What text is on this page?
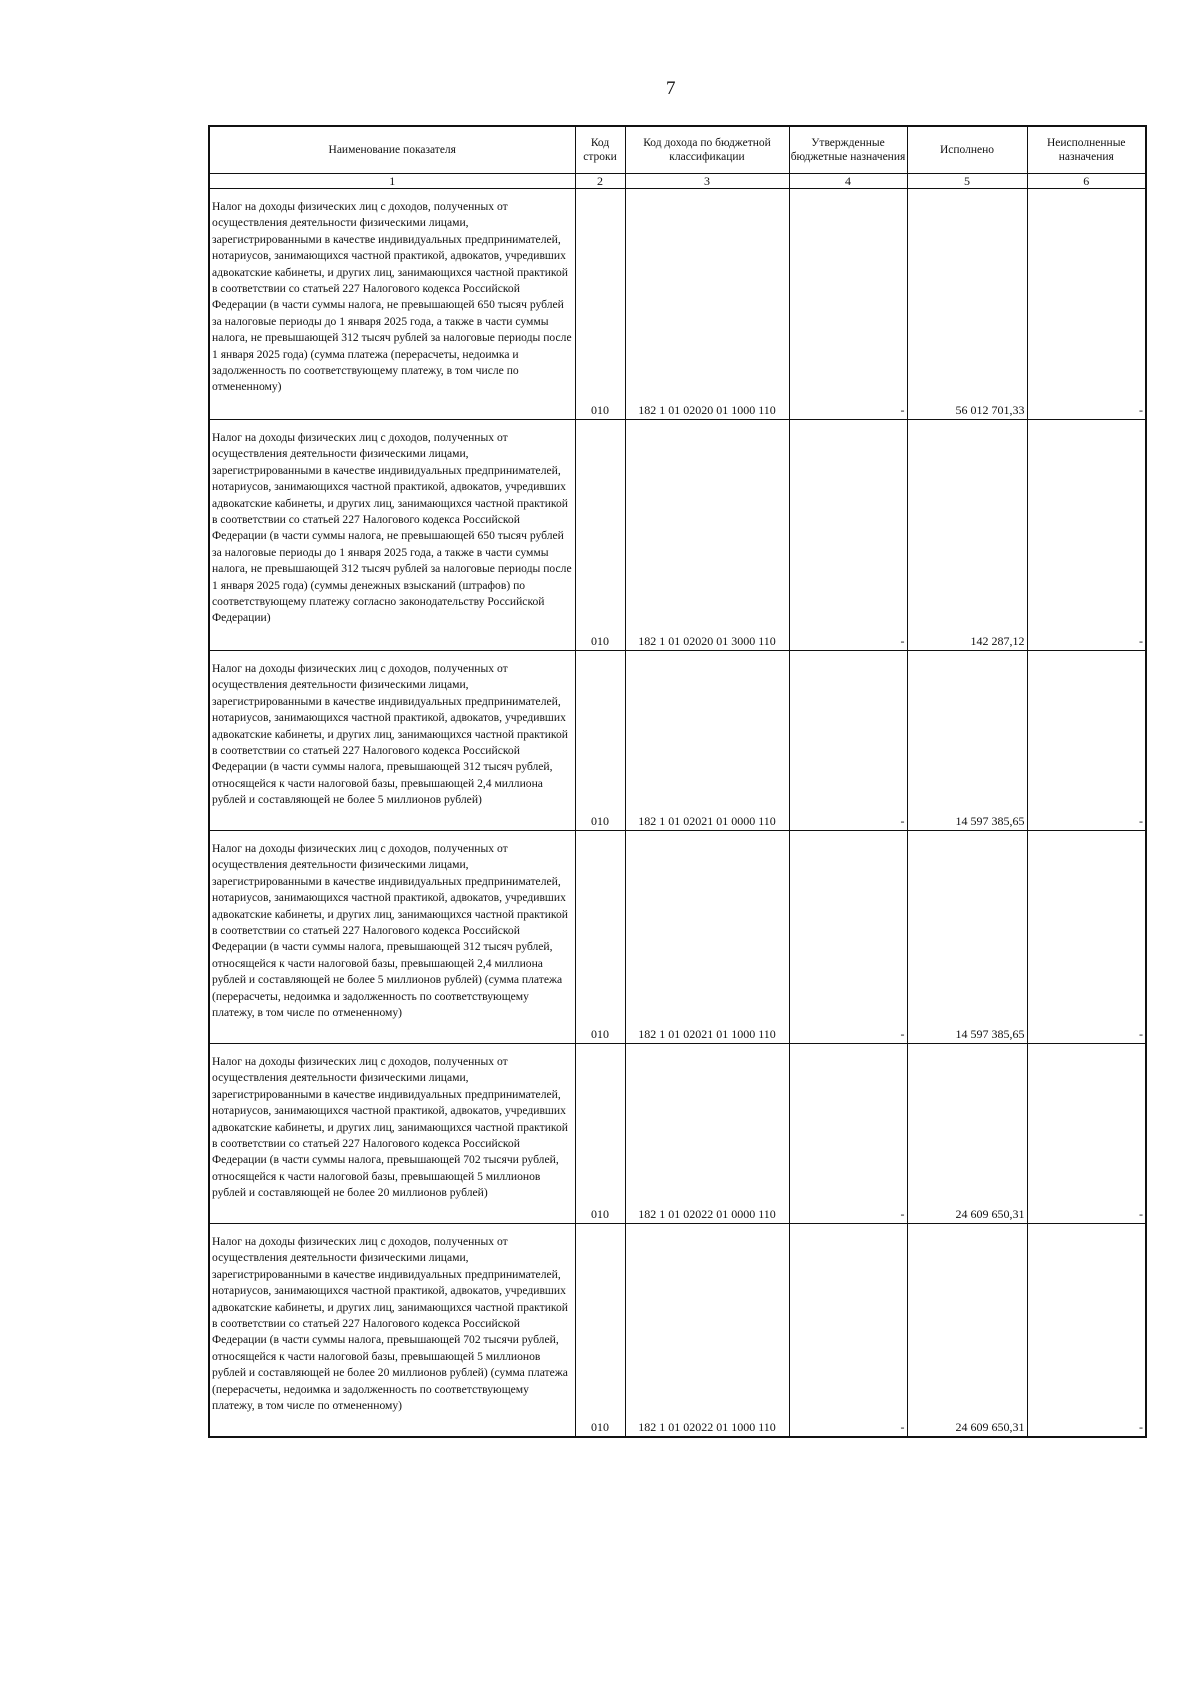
7
Наименование показателя	Код строки	Код дохода по бюджетной классификации	Утвержденные бюджетные назначения	Исполнено	Неисполненные назначения
1	2	3	4	5	6
Налог на доходы физических лиц с доходов, полученных от осуществления деятельности физическими лицами, зарегистрированными в качестве индивидуальных предпринимателей, нотариусов, занимающихся частной практикой, адвокатов, учредивших адвокатские кабинеты, и других лиц, занимающихся частной практикой в соответствии со статьей 227 Налогового кодекса Российской Федерации (в части суммы налога, не превышающей 650 тысяч рублей за налоговые периоды до 1 января 2025 года, а также в части суммы налога, не превышающей 312 тысяч рублей за налоговые периоды после 1 января 2025 года) (сумма платежа (перерасчеты, недоимка и задолженность по соответствующему платежу, в том числе по отмененному)	010	182 1 01 02020 01 1000 110	-	56 012 701,33	-
Налог на доходы физических лиц с доходов, полученных от осуществления деятельности физическими лицами, зарегистрированными в качестве индивидуальных предпринимателей, нотариусов, занимающихся частной практикой, адвокатов, учредивших адвокатские кабинеты, и других лиц, занимающихся частной практикой в соответствии со статьей 227 Налогового кодекса Российской Федерации (в части суммы налога, не превышающей 650 тысяч рублей за налоговые периоды до 1 января 2025 года, а также в части суммы налога, не превышающей 312 тысяч рублей за налоговые периоды после 1 января 2025 года) (суммы денежных взысканий (штрафов) по соответствующему платежу согласно законодательству Российской Федерации)	010	182 1 01 02020 01 3000 110	-	142 287,12	-
Налог на доходы физических лиц с доходов, полученных от осуществления деятельности физическими лицами, зарегистрированными в качестве индивидуальных предпринимателей, нотариусов, занимающихся частной практикой, адвокатов, учредивших адвокатские кабинеты, и других лиц, занимающихся частной практикой в соответствии со статьей 227 Налогового кодекса Российской Федерации (в части суммы налога, превышающей 312 тысяч рублей, относящейся к части налоговой базы, превышающей 2,4 миллиона рублей и составляющей не более 5 миллионов рублей)	010	182 1 01 02021 01 0000 110	-	14 597 385,65	-
Налог на доходы физических лиц с доходов, полученных от осуществления деятельности физическими лицами, зарегистрированными в качестве индивидуальных предпринимателей, нотариусов, занимающихся частной практикой, адвокатов, учредивших адвокатские кабинеты, и других лиц, занимающихся частной практикой в соответствии со статьей 227 Налогового кодекса Российской Федерации (в части суммы налога, превышающей 312 тысяч рублей, относящейся к части налоговой базы, превышающей 2,4 миллиона рублей и составляющей не более 5 миллионов рублей) (сумма платежа (перерасчеты, недоимка и задолженность по соответствующему платежу, в том числе по отмененному)	010	182 1 01 02021 01 1000 110	-	14 597 385,65	-
Налог на доходы физических лиц с доходов, полученных от осуществления деятельности физическими лицами, зарегистрированными в качестве индивидуальных предпринимателей, нотариусов, занимающихся частной практикой, адвокатов, учредивших адвокатские кабинеты, и других лиц, занимающихся частной практикой в соответствии со статьей 227 Налогового кодекса Российской Федерации (в части суммы налога, превышающей 702 тысячи рублей, относящейся к части налоговой базы, превышающей 5 миллионов рублей и составляющей не более 20 миллионов рублей)	010	182 1 01 02022 01 0000 110	-	24 609 650,31	-
Налог на доходы физических лиц с доходов, полученных от осуществления деятельности физическими лицами, зарегистрированными в качестве индивидуальных предпринимателей, нотариусов, занимающихся частной практикой, адвокатов, учредивших адвокатские кабинеты, и других лиц, занимающихся частной практикой в соответствии со статьей 227 Налогового кодекса Российской Федерации (в части суммы налога, превышающей 702 тысячи рублей, относящейся к части налоговой базы, превышающей 5 миллионов рублей и составляющей не более 20 миллионов рублей) (сумма платежа (перерасчеты, недоимка и задолженность по соответствующему платежу, в том числе по отмененному)	010	182 1 01 02022 01 1000 110	-	24 609 650,31	-
